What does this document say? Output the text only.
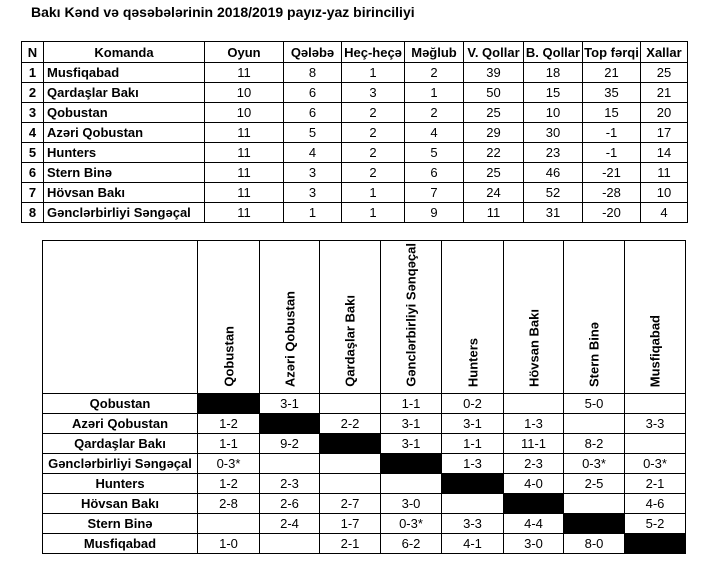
Bakı Kənd və qəsəbələrinin 2018/2019 payız-yaz birinciliyi
N	Komanda	Oyun	Qələbə	Heç-heçə	Məğlub	V. Qollar	B. Qollar	Top fərqi	Xallar
1	Musfiqabad	11	8	1	2	39	18	21	25
2	Qardaşlar Bakı	10	6	3	1	50	15	35	21
3	Qobustan	10	6	2	2	25	10	15	20
4	Azəri Qobustan	11	5	2	4	29	30	-1	17
5	Hunters	11	4	2	5	22	23	-1	14
6	Stern Binə	11	3	2	6	25	46	-21	11
7	Hövsan Bakı	11	3	1	7	24	52	-28	10
8	Gənclərbirliyi Səngəçal	11	1	1	9	11	31	-20	4

	Qobustan	Azəri Qobustan	Qardaşlar Bakı	Gənclərbirliyi Sənqəçal	Hunters	Hövsan Bakı	Stern Binə	Musfiqabad

Qobustan		3-1		1-1	0-2		5-0	
Azəri Qobustan	1-2		2-2	3-1	3-1	1-3		3-3
Qardaşlar Bakı	1-1	9-2		3-1	1-1	11-1	8-2	
Gənclərbirliyi Səngəçal	0-3*				1-3	2-3	0-3*	0-3*
Hunters	1-2	2-3				4-0	2-5	2-1
Hövsan Bakı	2-8	2-6	2-7	3-0				4-6
Stern Binə		2-4	1-7	0-3*	3-3	4-4		5-2
Musfiqabad	1-0		2-1	6-2	4-1	3-0	8-0	
